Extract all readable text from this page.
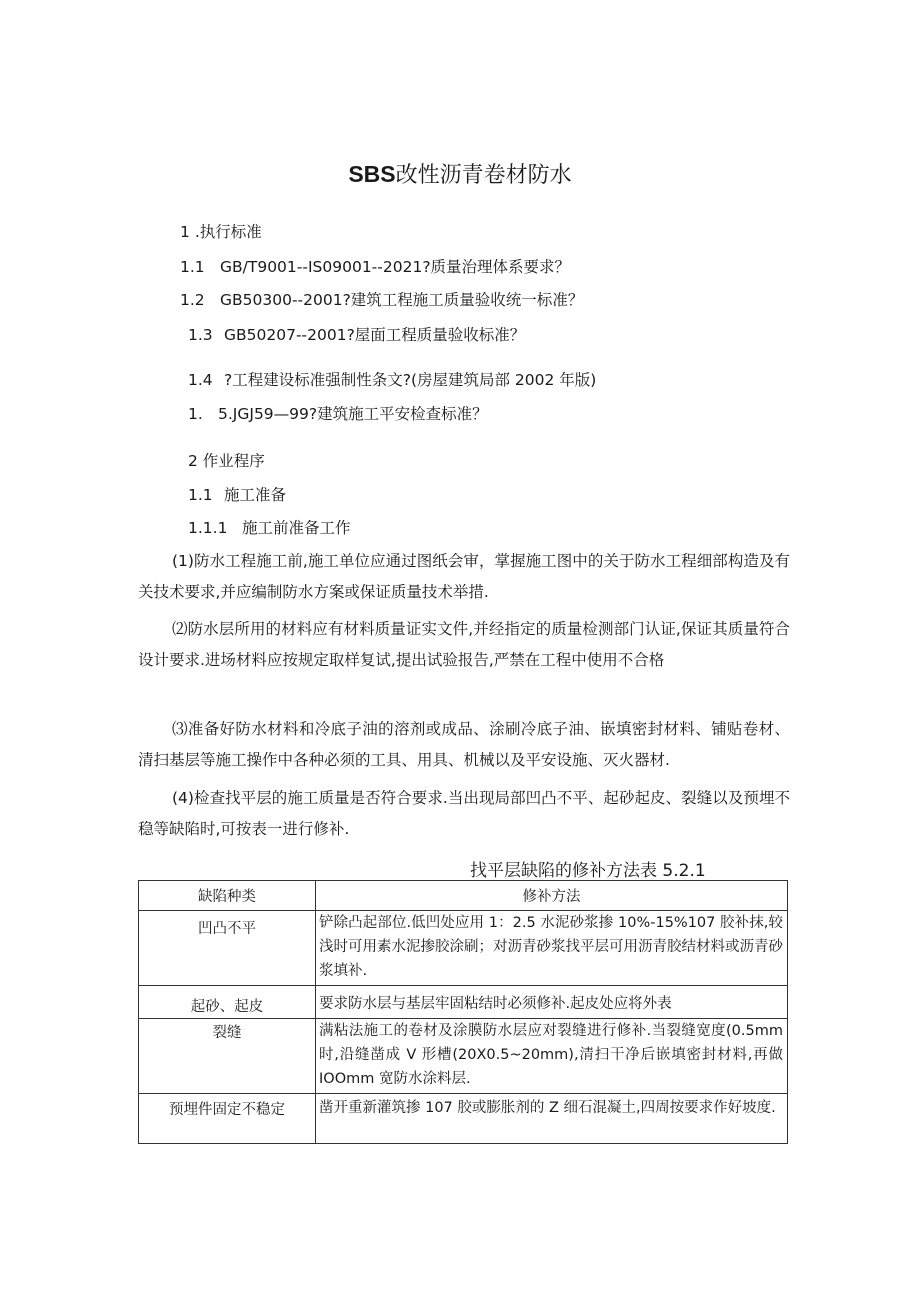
SBS改性沥青卷材防水
1 .执行标准
1.1 GB/T9001--IS09001--2021?质量治理体系要求？
1.2 GB50300--2001?建筑工程施工质量验收统一标准？
1.3 GB50207--2001?屋面工程质量验收标准？
1.4 ?工程建设标准强制性条文?(房屋建筑局部 2002 年版)
1. 5.JGJ59—99?建筑施工平安检查标准？
2 作业程序
1.1 施工准备
1.1.1 施工前准备工作
(1)防水工程施工前,施工单位应通过图纸会审，掌握施工图中的关于防水工程细部构造及有关技术要求,并应编制防水方案或保证质量技术举措.
⑵防水层所用的材料应有材料质量证实文件,并经指定的质量检测部门认证,保证其质量符合设计要求.进场材料应按规定取样复试,提出试验报告,严禁在工程中使用不合格
⑶准备好防水材料和冷底子油的溶剂或成品、涂刷冷底子油、嵌填密封材料、铺贴卷材、清扫基层等施工操作中各种必须的工具、用具、机械以及平安设施、灭火器材.
(4)检查找平层的施工质量是否符合要求.当出现局部凹凸不平、起砂起皮、裂缝以及预埋不稳等缺陷时,可按表一进行修补.
找平层缺陷的修补方法表 5.2.1
缺陷种类	修补方法
凹凸不平	铲除凸起部位.低凹处应用 1：2.5 水泥砂浆掺 10%-15%107 胶补抹,较浅时可用素水泥掺胶涂刷；对沥青砂浆找平层可用沥青胶结材料或沥青砂浆填补.
起砂、起皮	要求防水层与基层牢固粘结时必须修补.起皮处应将外表
裂缝	满粘法施工的卷材及涂膜防水层应对裂缝进行修补.当裂缝宽度(0.5mm 时,沿缝凿成 V 形槽(20X0.5~20mm),清扫干净后嵌填密封材料,再做 IOOmm 宽防水涂料层.
预埋件固定不稳定	凿开重新灌筑掺 107 胶或膨胀剂的 Z 细石混凝土,四周按要求作好坡度.
